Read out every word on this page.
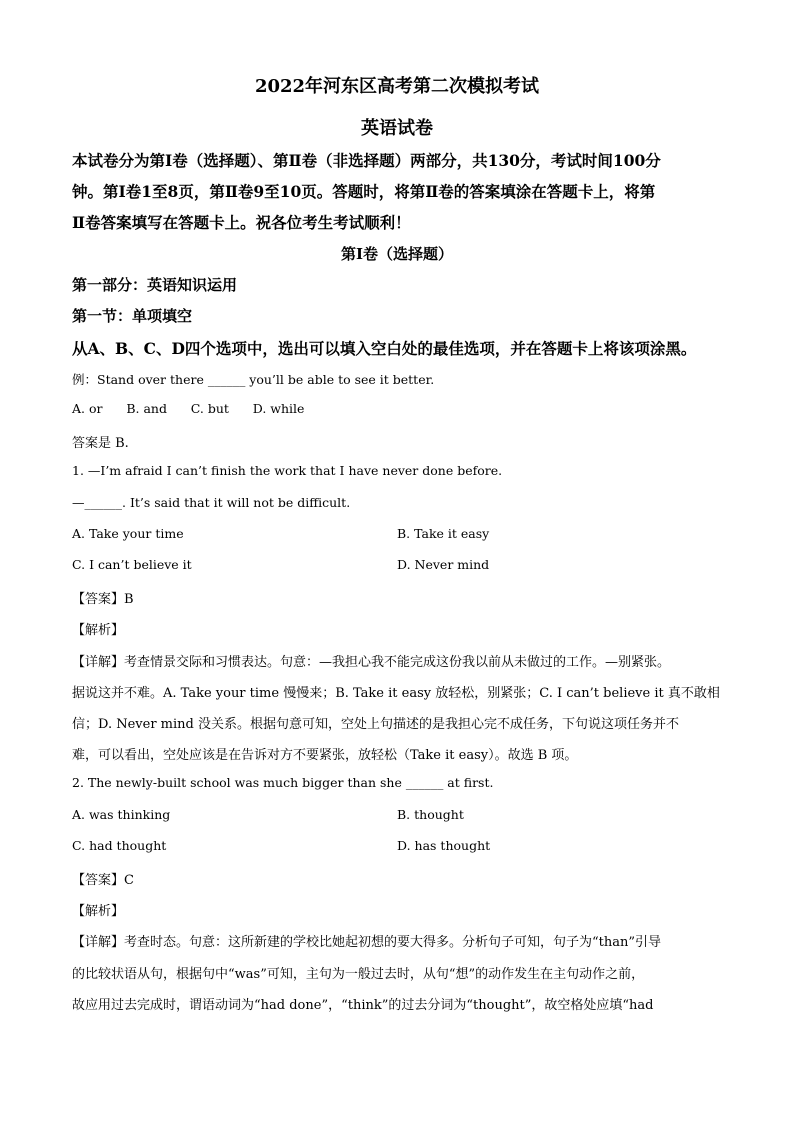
2022年河东区高考第二次模拟考试
英语试卷
本试卷分为第Ⅰ卷（选择题）、第Ⅱ卷（非选择题）两部分，共130分，考试时间100分
钟。第Ⅰ卷1至8页，第Ⅱ卷9至10页。答题时，将第Ⅱ卷的答案填涂在答题卡上，将第
Ⅱ卷答案填写在答题卡上。祝各位考生考试顺利！
第Ⅰ卷（选择题）
第一部分：英语知识运用
第一节：单项填空
从A、B、C、D四个选项中，选出可以填入空白处的最佳选项，并在答题卡上将该项涂黑。
例：Stand over there ______ you’ll be able to see it better.
A. or      B. and      C. but      D. while
答案是 B.
1. —I’m afraid I can’t finish the work that I have never done before.
—______. It’s said that it will not be difficult.
A. Take your time	B. Take it easy
C. I can’t believe it	D. Never mind
【答案】B
【解析】
【详解】考查情景交际和习惯表达。句意：—我担心我不能完成这份我以前从未做过的工作。—别紧张。
据说这并不难。A. Take your time 慢慢来；B. Take it easy 放轻松，别紧张；C. I can’t believe it 真不敢相
信；D. Never mind 没关系。根据句意可知，空处上句描述的是我担心完不成任务，下句说这项任务并不
难，可以看出，空处应该是在告诉对方不要紧张，放轻松（Take it easy）。故选 B 项。
2. The newly-built school was much bigger than she ______ at first.
A. was thinking	B. thought
C. had thought	D. has thought
【答案】C
【解析】
【详解】考查时态。句意：这所新建的学校比她起初想的要大得多。分析句子可知，句子为“than”引导
的比较状语从句，根据句中“was”可知，主句为一般过去时，从句“想”的动作发生在主句动作之前，
故应用过去完成时，谓语动词为“had done”，“think”的过去分词为“thought”，故空格处应填“had
